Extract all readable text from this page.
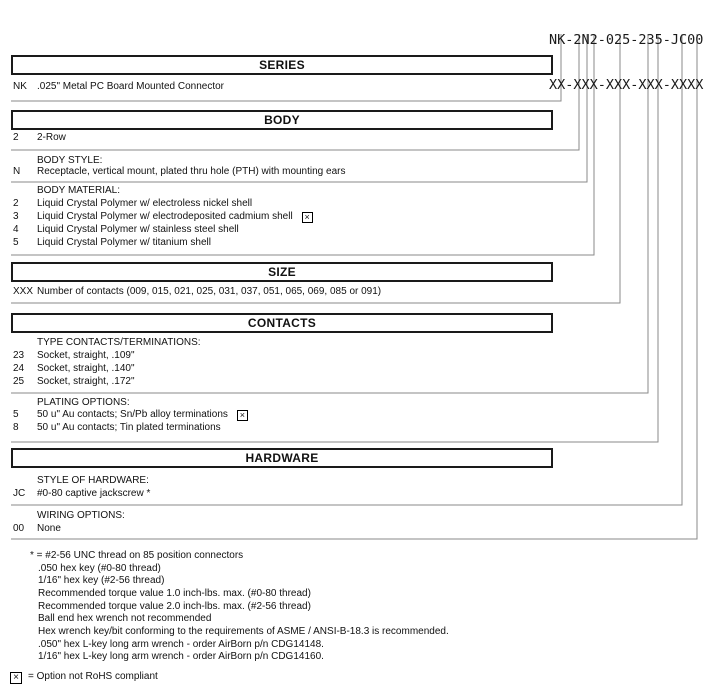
NK-2N2-025-235-JC00

XX-XXX-XXX-XXX-XXXX

SERIES
NK .025" Metal PC Board Mounted Connector
BODY
2 2-Row
BODY STYLE:
N Receptacle, vertical mount, plated thru hole (PTH) with mounting ears
BODY MATERIAL:
2 Liquid Crystal Polymer w/ electroless nickel shell
3 Liquid Crystal Polymer w/ electrodeposited cadmium shell×
4 Liquid Crystal Polymer w/ stainless steel shell
5 Liquid Crystal Polymer w/ titanium shell
SIZE
XXX Number of contacts (009, 015, 021, 025, 031, 037, 051, 065, 069, 085 or 091)
CONTACTS
TYPE CONTACTS/TERMINATIONS:
23 Socket, straight, .109"
24 Socket, straight, .140"
25 Socket, straight, .172"
PLATING OPTIONS:
5 50 u" Au contacts; Sn/Pb alloy terminations×
8 50 u" Au contacts; Tin plated terminations
HARDWARE
STYLE OF HARDWARE:
JC #0-80 captive jackscrew *
WIRING OPTIONS:
00 None
* = #2-56 UNC thread on 85 position connectors
.050 hex key (#0-80 thread)
1/16" hex key (#2-56 thread)
Recommended torque value 1.0 inch-lbs. max. (#0-80 thread)
Recommended torque value 2.0 inch-lbs. max. (#2-56 thread)
Ball end hex wrench not recommended
Hex wrench key/bit conforming to the requirements of ASME / ANSI-B-18.3 is recommended.
.050" hex L-key long arm wrench - order AirBorn p/n CDG14148.
1/16" hex L-key long arm wrench - order AirBorn p/n CDG14160.
×= Option not RoHS compliant
